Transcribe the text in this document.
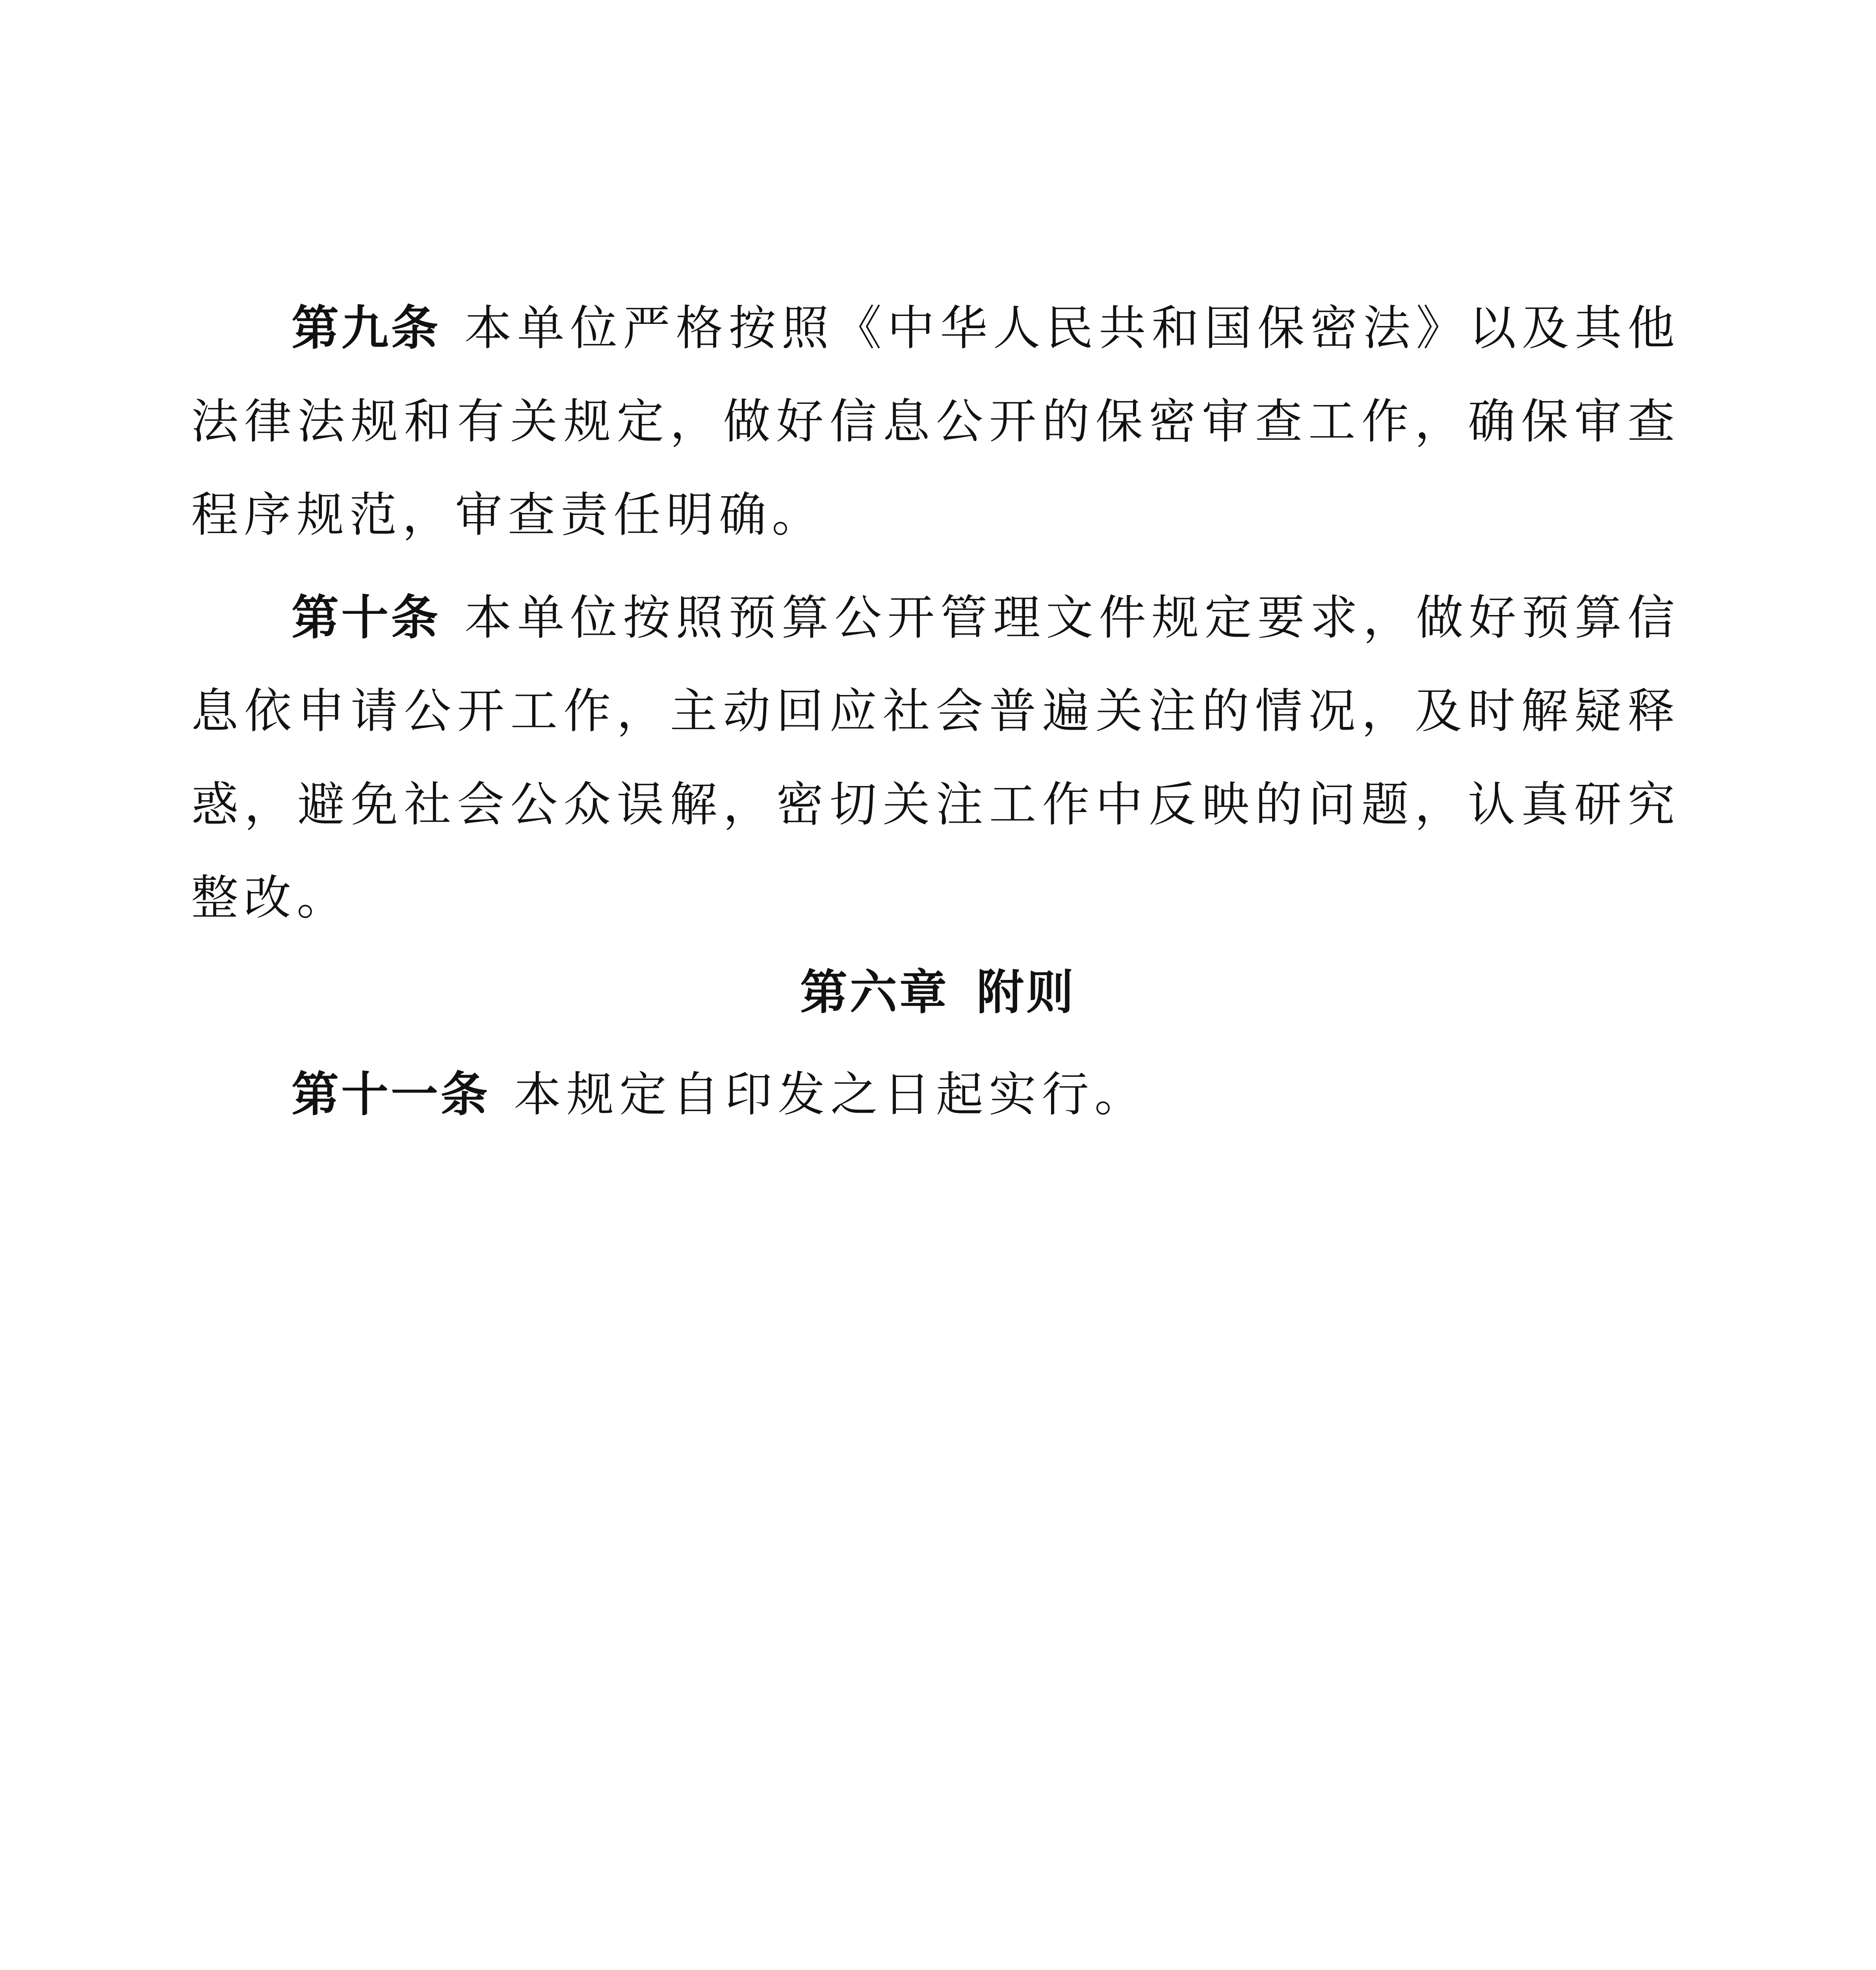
第九条 本单位严格按照《中华人民共和国保密法》以及其他法律法规和有关规定，做好信息公开的保密审查工作，确保审查程序规范，审查责任明确。

第十条 本单位按照预算公开管理文件规定要求，做好预算信息依申请公开工作，主动回应社会普遍关注的情况，及时解疑释惑，避免社会公众误解，密切关注工作中反映的问题，认真研究整改。

第六章 附则

第十一条 本规定自印发之日起实行。
